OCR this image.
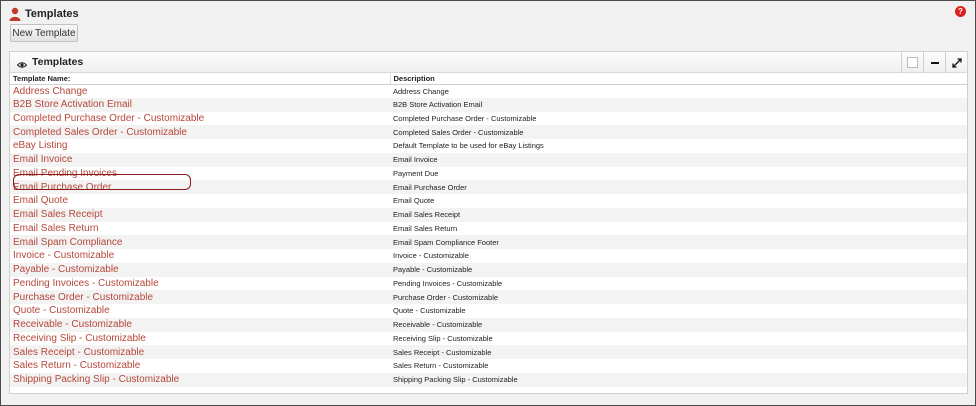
Templates	?
New Template
Templates
Template Name:	Description
Address Change	Address Change
B2B Store Activation Email	B2B Store Activation Email
Completed Purchase Order - Customizable	Completed Purchase Order - Customizable
Completed Sales Order - Customizable	Completed Sales Order - Customizable
eBay Listing	Default Template to be used for eBay Listings
Email Invoice	Email Invoice
Email Pending Invoices	Payment Due
Email Purchase Order	Email Purchase Order
Email Quote	Email Quote
Email Sales Receipt	Email Sales Receipt
Email Sales Return	Email Sales Return
Email Spam Compliance	Email Spam Compliance Footer
Invoice - Customizable	Invoice - Customizable
Payable - Customizable	Payable - Customizable
Pending Invoices - Customizable	Pending Invoices - Customizable
Purchase Order - Customizable	Purchase Order - Customizable
Quote - Customizable	Quote - Customizable
Receivable - Customizable	Receivable - Customizable
Receiving Slip - Customizable	Receiving Slip - Customizable
Sales Receipt - Customizable	Sales Receipt - Customizable
Sales Return - Customizable	Sales Return - Customizable
Shipping Packing Slip - Customizable	Shipping Packing Slip - Customizable
